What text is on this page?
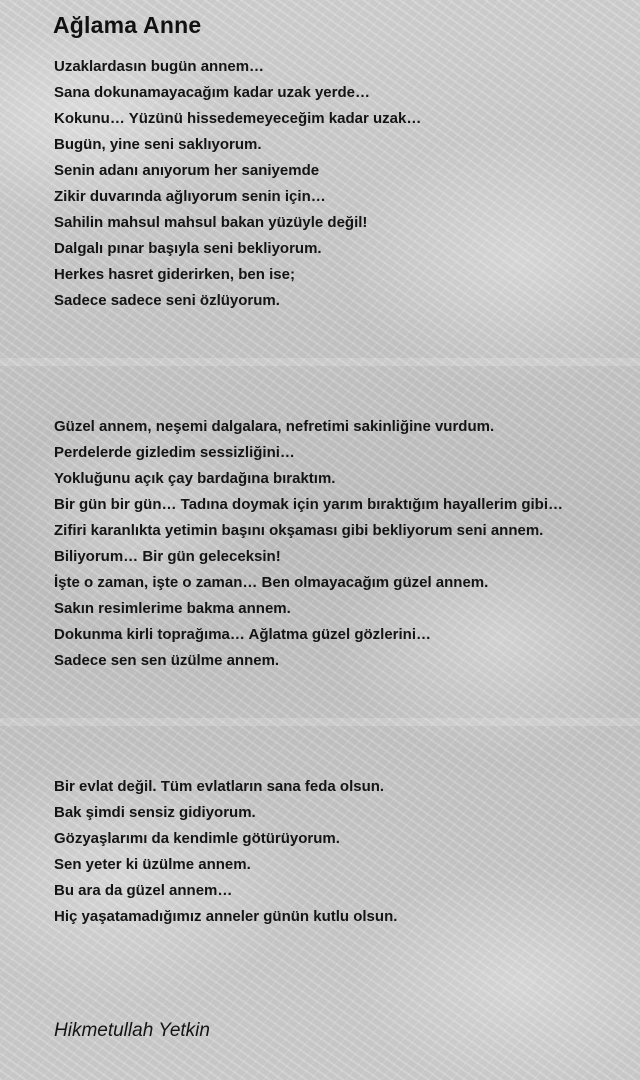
Ağlama Anne
Uzaklardasın bugün annem…
Sana dokunamayacağım kadar uzak yerde…
Kokunu… Yüzünü hissedemeyeceğim kadar uzak…
Bugün, yine seni saklıyorum.
Senin adanı anıyorum her saniyemde
Zikir duvarında ağlıyorum senin için…
Sahilin mahsul mahsul bakan yüzüyle değil!
Dalgalı pınar başıyla seni bekliyorum.
Herkes hasret giderirken, ben ise;
Sadece sadece seni özlüyorum.
Güzel annem, neşemi dalgalara, nefretimi sakinliğine vurdum.
Perdelerde gizledim sessizliğini…
Yokluğunu açık çay bardağına bıraktım.
Bir gün bir gün… Tadına doymak için yarım bıraktığım hayallerim gibi…
Zifiri karanlıkta yetimin başını okşaması gibi bekliyorum seni annem.
Biliyorum… Bir gün geleceksin!
İşte o zaman, işte o zaman… Ben olmayacağım güzel annem.
Sakın resimlerime bakma annem.
Dokunma kirli toprağıma… Ağlatma güzel gözlerini…
Sadece sen sen üzülme annem.
Bir evlat değil. Tüm evlatların sana feda olsun.
Bak şimdi sensiz gidiyorum.
Gözyaşlarımı da kendimle götürüyorum.
Sen yeter ki üzülme annem.
Bu ara da güzel annem…
Hiç yaşatamadığımız anneler günün kutlu olsun.
Hikmetullah Yetkin
